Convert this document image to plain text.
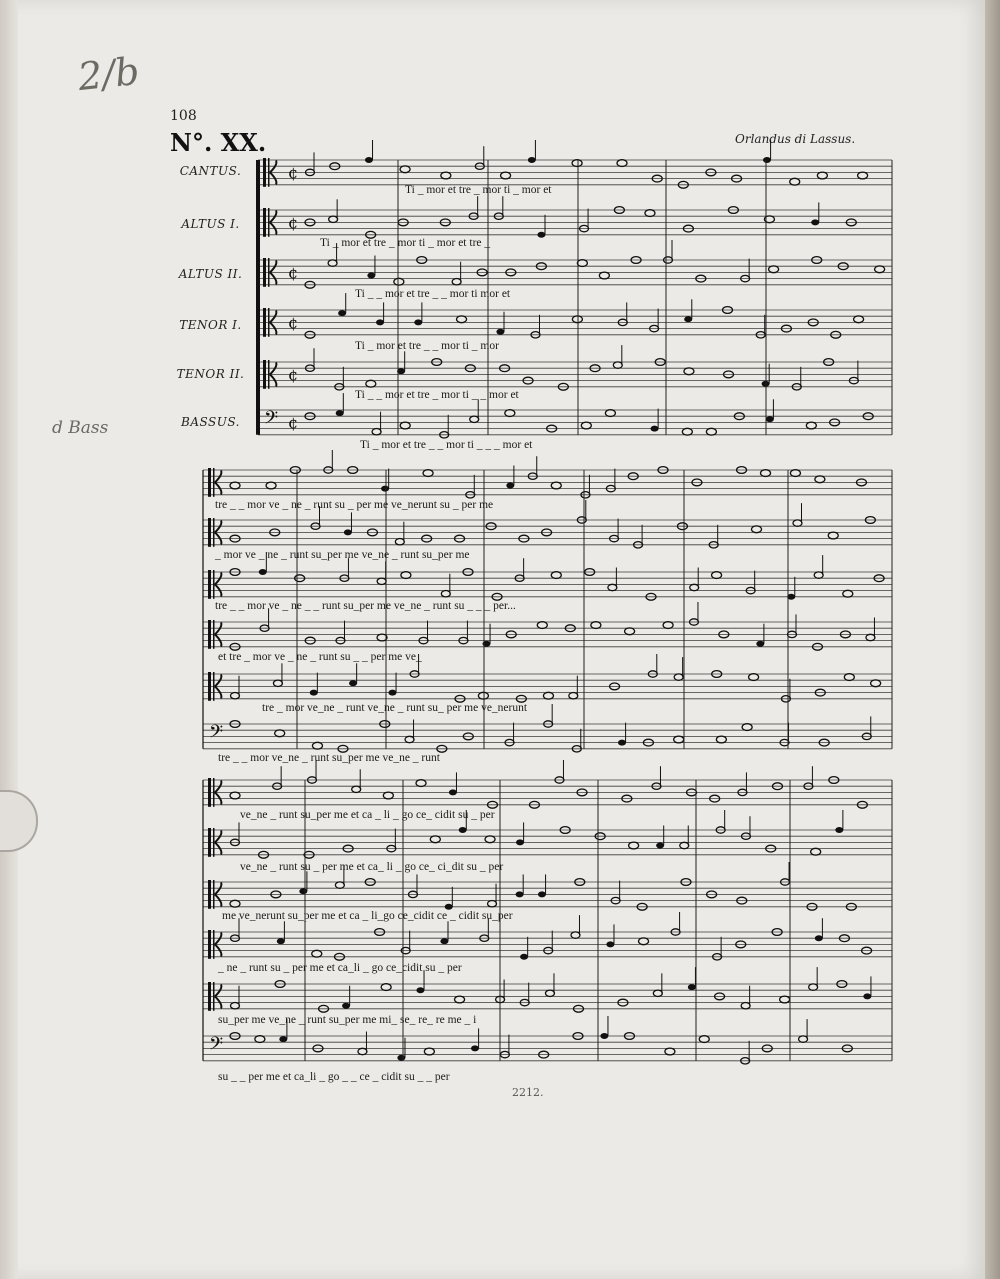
2/b
d Bass
108
N°. XX.	Orlandus di Lassus.
2212.
CANTUS.
ALTUS I.
ALTUS II.
TENOR I.
TENOR II.
BASSUS.
Ti _ mor et tre _ mor ti _ mor et
Ti _ mor et tre _ mor ti _ mor et tre _
Ti _ _ mor et tre _ _ mor ti mor et
Ti _ mor et tre _ _ mor ti _ mor
Ti _ _ mor et tre _ mor ti _ _ mor et
Ti _ mor et tre _ _ mor ti _ _ _ mor et
tre _ _ mor ve _ ne _ runt su _ per me ve_nerunt su _ per me
_ mor ve _ ne _ runt su_per me ve_ne _ runt su_per me
tre _ _ mor ve _ ne _ _ runt su_per me ve_ne _ runt su _ _ _ per...
et tre _ mor ve _ ne _ runt su _ _ per me ve_
tre _ mor ve_ne _ runt ve_ne _ runt su_ per me ve_nerunt
tre _ _ mor ve_ne _ runt su_per me ve_ne _ runt
ve_ne _ runt su_per me et ca _ li _ go ce_ cidit su _ per
ve_ne _ runt su _ per me et ca_ li _ go ce_ ci_dit su _ per
me ve_nerunt su_per me et ca _ li_go ce_cidit ce _ cidit su_per
_ ne _ runt su _ per me et ca_li _ go ce_cidit su _ per
su_per me ve_ne _ runt su_per me mi_ se_ re_ re me _ i
su _ _ per me et ca_li _ go _ _ ce _ cidit su _ _ per
¢
¢
¢
¢
¢
𝄢 ¢
𝄢
𝄢
